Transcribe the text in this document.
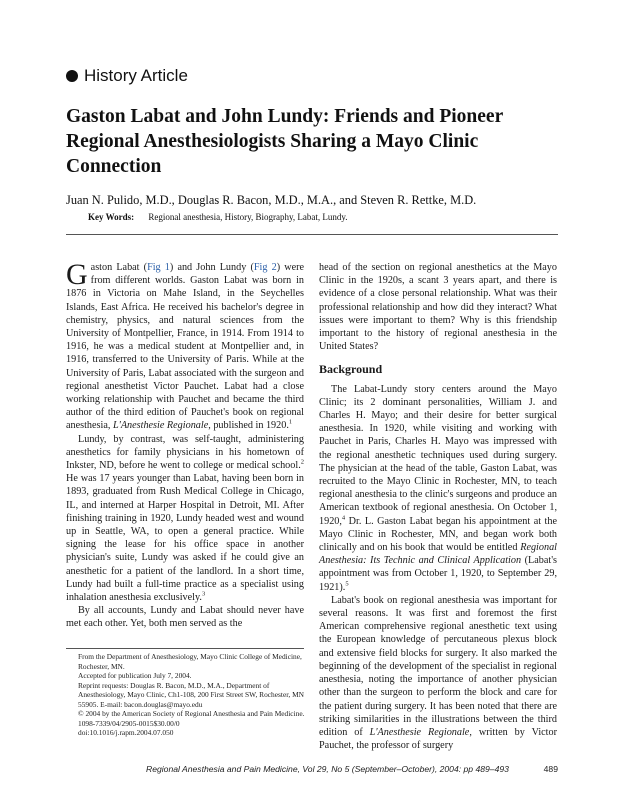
History Article
Gaston Labat and John Lundy: Friends and Pioneer Regional Anesthesiologists Sharing a Mayo Clinic Connection
Juan N. Pulido, M.D., Douglas R. Bacon, M.D., M.A., and Steven R. Rettke, M.D.
Key Words: Regional anesthesia, History, Biography, Labat, Lundy.

Gaston Labat (Fig 1) and John Lundy (Fig 2) were from different worlds. Gaston Labat was born in 1876 in Victoria on Mahe Island, in the Seychelles Islands, East Africa. He received his bachelor's degree in chemistry, physics, and natural sciences from the University of Montpellier, France, in 1914. From 1914 to 1916, he was a medical student at Montpellier and, in 1916, transferred to the University of Paris. While at the University of Paris, Labat associated with the surgeon and regional anesthetist Victor Pauchet. Labat had a close working relationship with Pauchet and became the third author of the third edition of Pauchet's book on regional anesthesia, L'Anesthesie Regionale, published in 1920.$^1$

Lundy, by contrast, was self-taught, administering anesthetics for family physicians in his hometown of Inkster, ND, before he went to college or medical school.$^2$ He was 17 years younger than Labat, having been born in 1893, graduated from Rush Medical College in Chicago, IL, and interned at Harper Hospital in Detroit, MI. After finishing training in 1920, Lundy headed west and wound up in Seattle, WA, to open a general practice. While signing the lease for his office space in another physician's suite, Lundy was asked if he could give an anesthetic for a patient of the landlord. In a short time, Lundy had built a full-time practice as a specialist using inhalation anesthesia exclusively.$^3$

By all accounts, Lundy and Labat should never have met each other. Yet, both men served as the

head of the section on regional anesthetics at the Mayo Clinic in the 1920s, a scant 3 years apart, and there is evidence of a close personal relationship. What was their professional relationship and how did they interact? What issues were important to them? Why is this friendship important to the history of regional anesthesia in the United States?

Background

The Labat-Lundy story centers around the Mayo Clinic; its 2 dominant personalities, William J. and Charles H. Mayo; and their desire for better surgical anesthesia. In 1920, while visiting and working with Pauchet in Paris, Charles H. Mayo was impressed with the regional anesthetic techniques used during surgery. The physician at the head of the table, Gaston Labat, was recruited to the Mayo Clinic in Rochester, MN, to teach regional anesthesia to the clinic's surgeons and produce an American textbook of regional anesthesia. On October 1, 1920,$^4$ Dr. L. Gaston Labat began his appointment at the Mayo Clinic in Rochester, MN, and began work both clinically and on his book that would be entitled Regional Anesthesia: Its Technic and Clinical Application (Labat's appointment was from October 1, 1920, to September 29, 1921).$^5$

Labat's book on regional anesthesia was important for several reasons. It was first and foremost the first American comprehensive regional anesthetic text using the European knowledge of percutaneous plexus block and extensive field blocks for surgery. It also marked the beginning of the development of the specialist in regional anesthesia, noting the importance of another physician other than the surgeon to perform the block and care for the patient during surgery. It has been noted that there are striking similarities in the illustrations between the third edition of L'Anesthesie Regionale, written by Victor Pauchet, the professor of surgery

From the Department of Anesthesiology, Mayo Clinic College of Medicine, Rochester, MN.

Accepted for publication July 7, 2004.

Reprint requests: Douglas R. Bacon, M.D., M.A., Department of Anesthesiology, Mayo Clinic, Ch1-108, 200 First Street SW, Rochester, MN 55905. E-mail: bacon.douglas@mayo.edu

© 2004 by the American Society of Regional Anesthesia and Pain Medicine.

1098-7339/04/2905-0015$30.00/0

doi:10.1016/j.rapm.2004.07.050

Regional Anesthesia and Pain Medicine, Vol 29, No 5 (September–October), 2004: pp 489–493	489
